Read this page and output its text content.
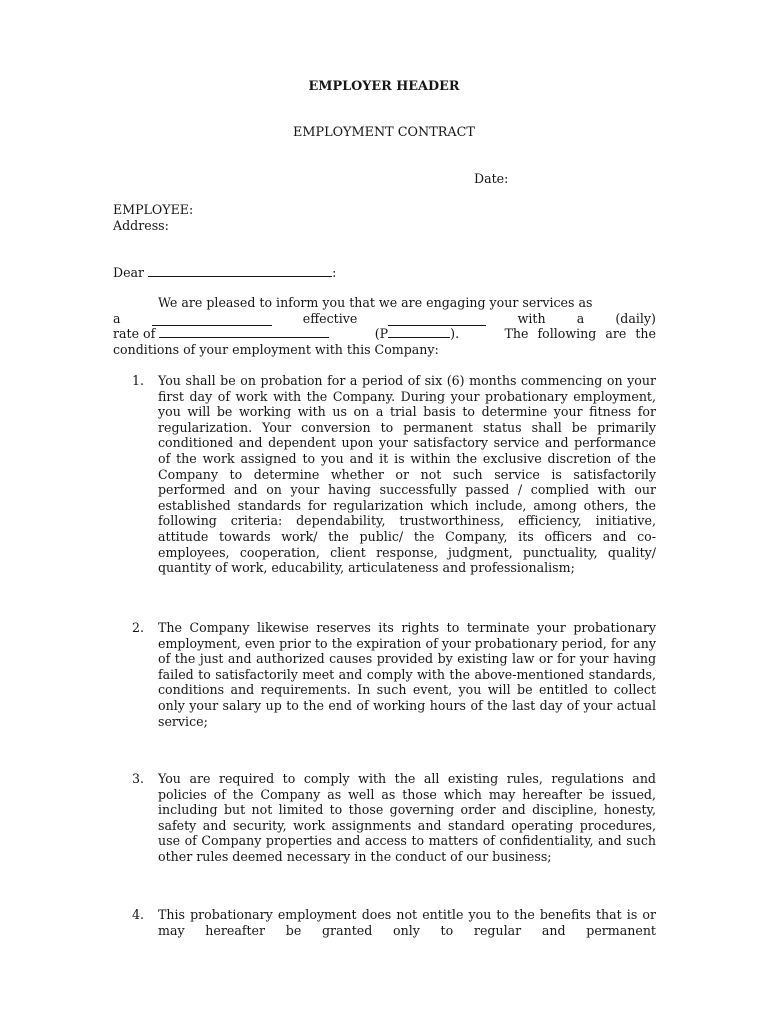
EMPLOYER HEADER
EMPLOYMENT CONTRACT
Date:
EMPLOYEE:
Address:
Dear	:
We are pleased to inform you that we are engaging your services as
a	effective	with a (daily)
rate of	(P	).	The following are the
conditions of your employment with this Company:
1.	You shall be on probation for a period of six (6) months commencing on your first day of work with the Company. During your probationary employment, you will be working with us on a trial basis to determine your fitness for regularization. Your conversion to permanent status shall be primarily conditioned and dependent upon your satisfactory service and performance of the work assigned to you and it is within the exclusive discretion of the Company to determine whether or not such service is satisfactorily performed and on your having successfully passed / complied with our established standards for regularization which include, among others, the following criteria: dependability, trustworthiness, efficiency, initiative, attitude towards work/ the public/ the Company, its officers and co-employees, cooperation, client response, judgment, punctuality, quality/ quantity of work, educability, articulateness and professionalism;
2.	The Company likewise reserves its rights to terminate your probationary employment, even prior to the expiration of your probationary period, for any of the just and authorized causes provided by existing law or for your having failed to satisfactorily meet and comply with the above-mentioned standards, conditions and requirements. In such event, you will be entitled to collect only your salary up to the end of working hours of the last day of your actual service;
3.	You are required to comply with the all existing rules, regulations and policies of the Company as well as those which may hereafter be issued, including but not limited to those governing order and discipline, honesty, safety and security, work assignments and standard operating procedures, use of Company properties and access to matters of confidentiality, and such other rules deemed necessary in the conduct of our business;
4.	This probationary employment does not entitle you to the benefits that is or may hereafter be granted only to regular and permanent
